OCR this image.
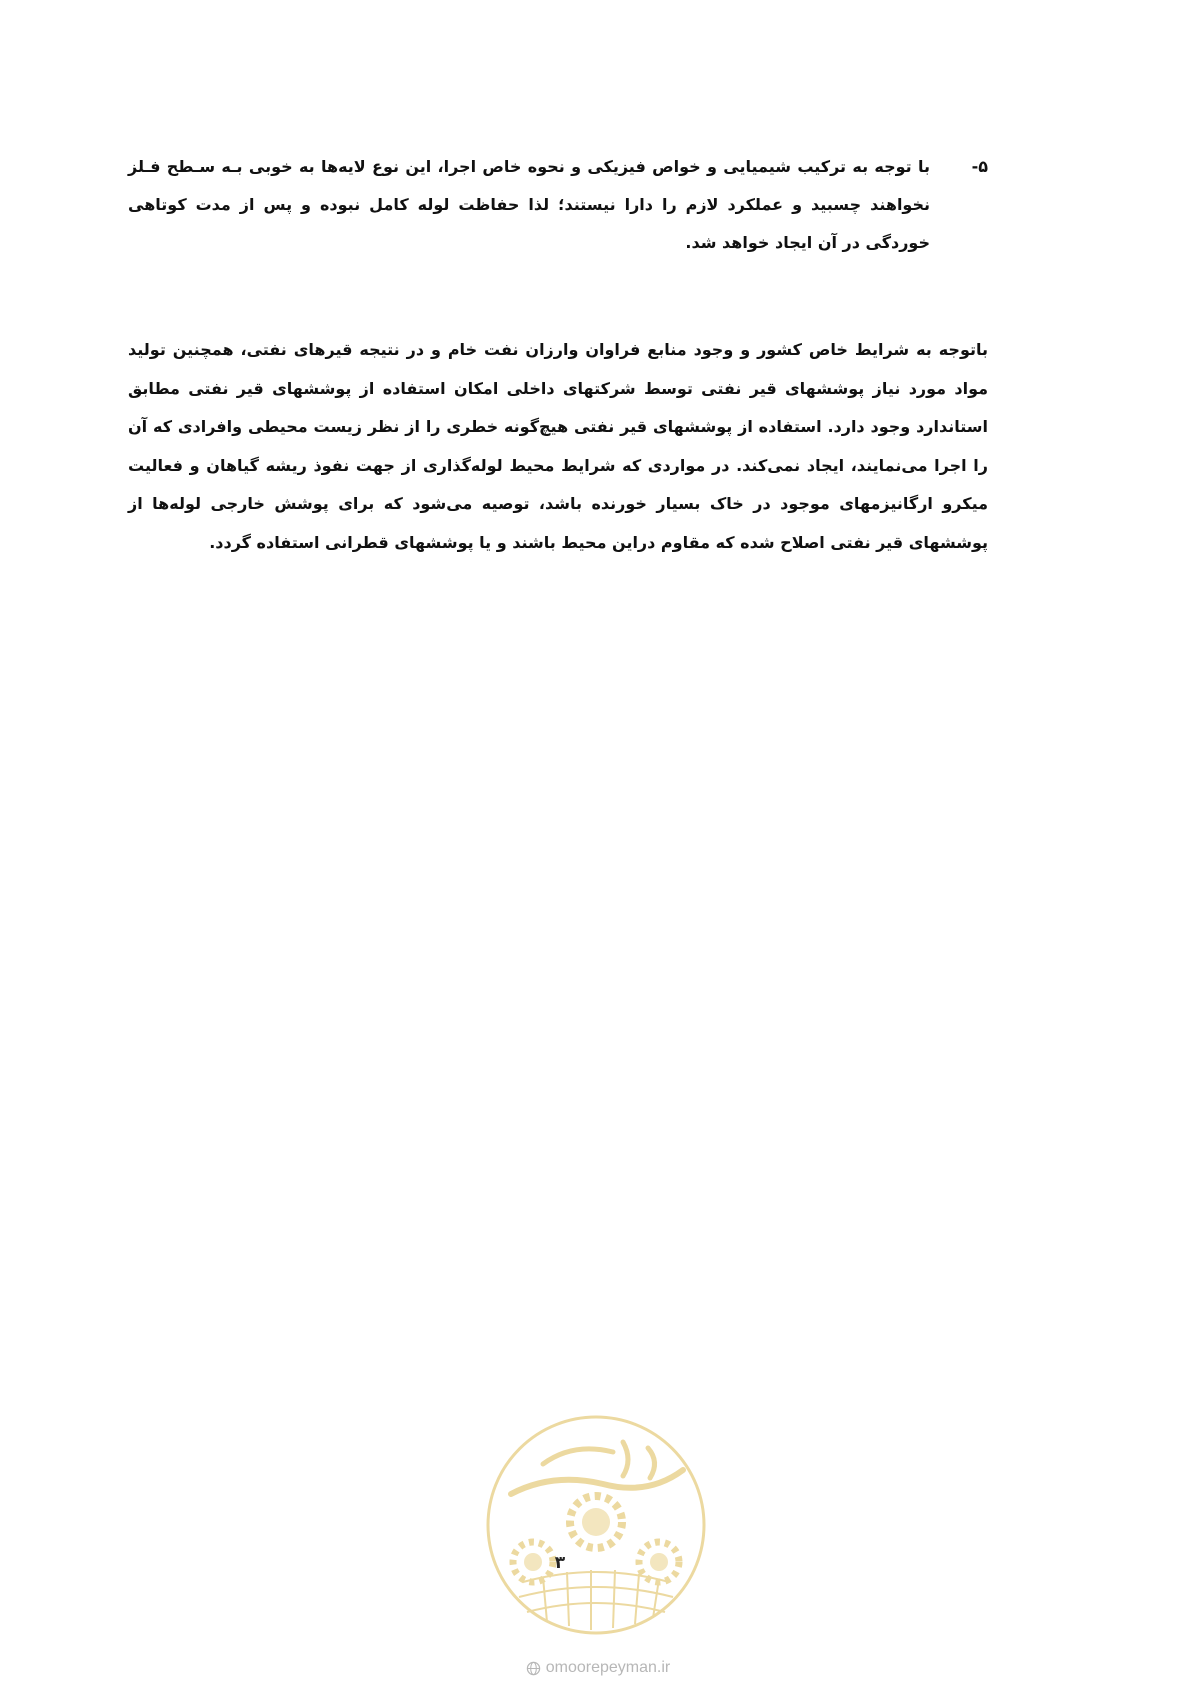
۵-
با توجه به ترکیب شیمیایی و خواص فیزیکی و نحوه خاص اجرا، این نوع لایه‌ها به خوبی بـه سـطح فـلز نخواهند چسبید و عملکرد لازم را دارا نیستند؛ لذا حفاظت لوله کامل نبوده و پس از مدت کوتاهی خوردگی در آن ایجاد خواهد شد.
باتوجه به شرایط خاص کشور و وجود منابع فراوان وارزان نفت خام و در نتیجه قیرهای نفتی، همچنین تولید مواد مورد نیاز پوششهای قیر نفتی توسط شرکتهای داخلی امکان استفاده از پوششهای قیر نفتی مطابق استاندارد وجود دارد. استفاده از پوششهای قیر نفتی هیچ‌گونه خطری را از نظر زیست محیطی وافرادی که آن را اجرا می‌نمایند، ایجاد نمی‌کند. در مواردی که شرایط محیط لوله‌گذاری از جهت نفوذ ریشه گیاهان و فعالیت میکرو ارگانیزمهای موجود در خاک بسیار خورنده باشد، توصیه می‌شود که برای پوشش خارجی لوله‌ها از پوششهای قیر نفتی اصلاح شده که مقاوم دراین محیط باشند و یا پوششهای قطرانی استفاده گردد.
۳
omoorepeyman.ir
